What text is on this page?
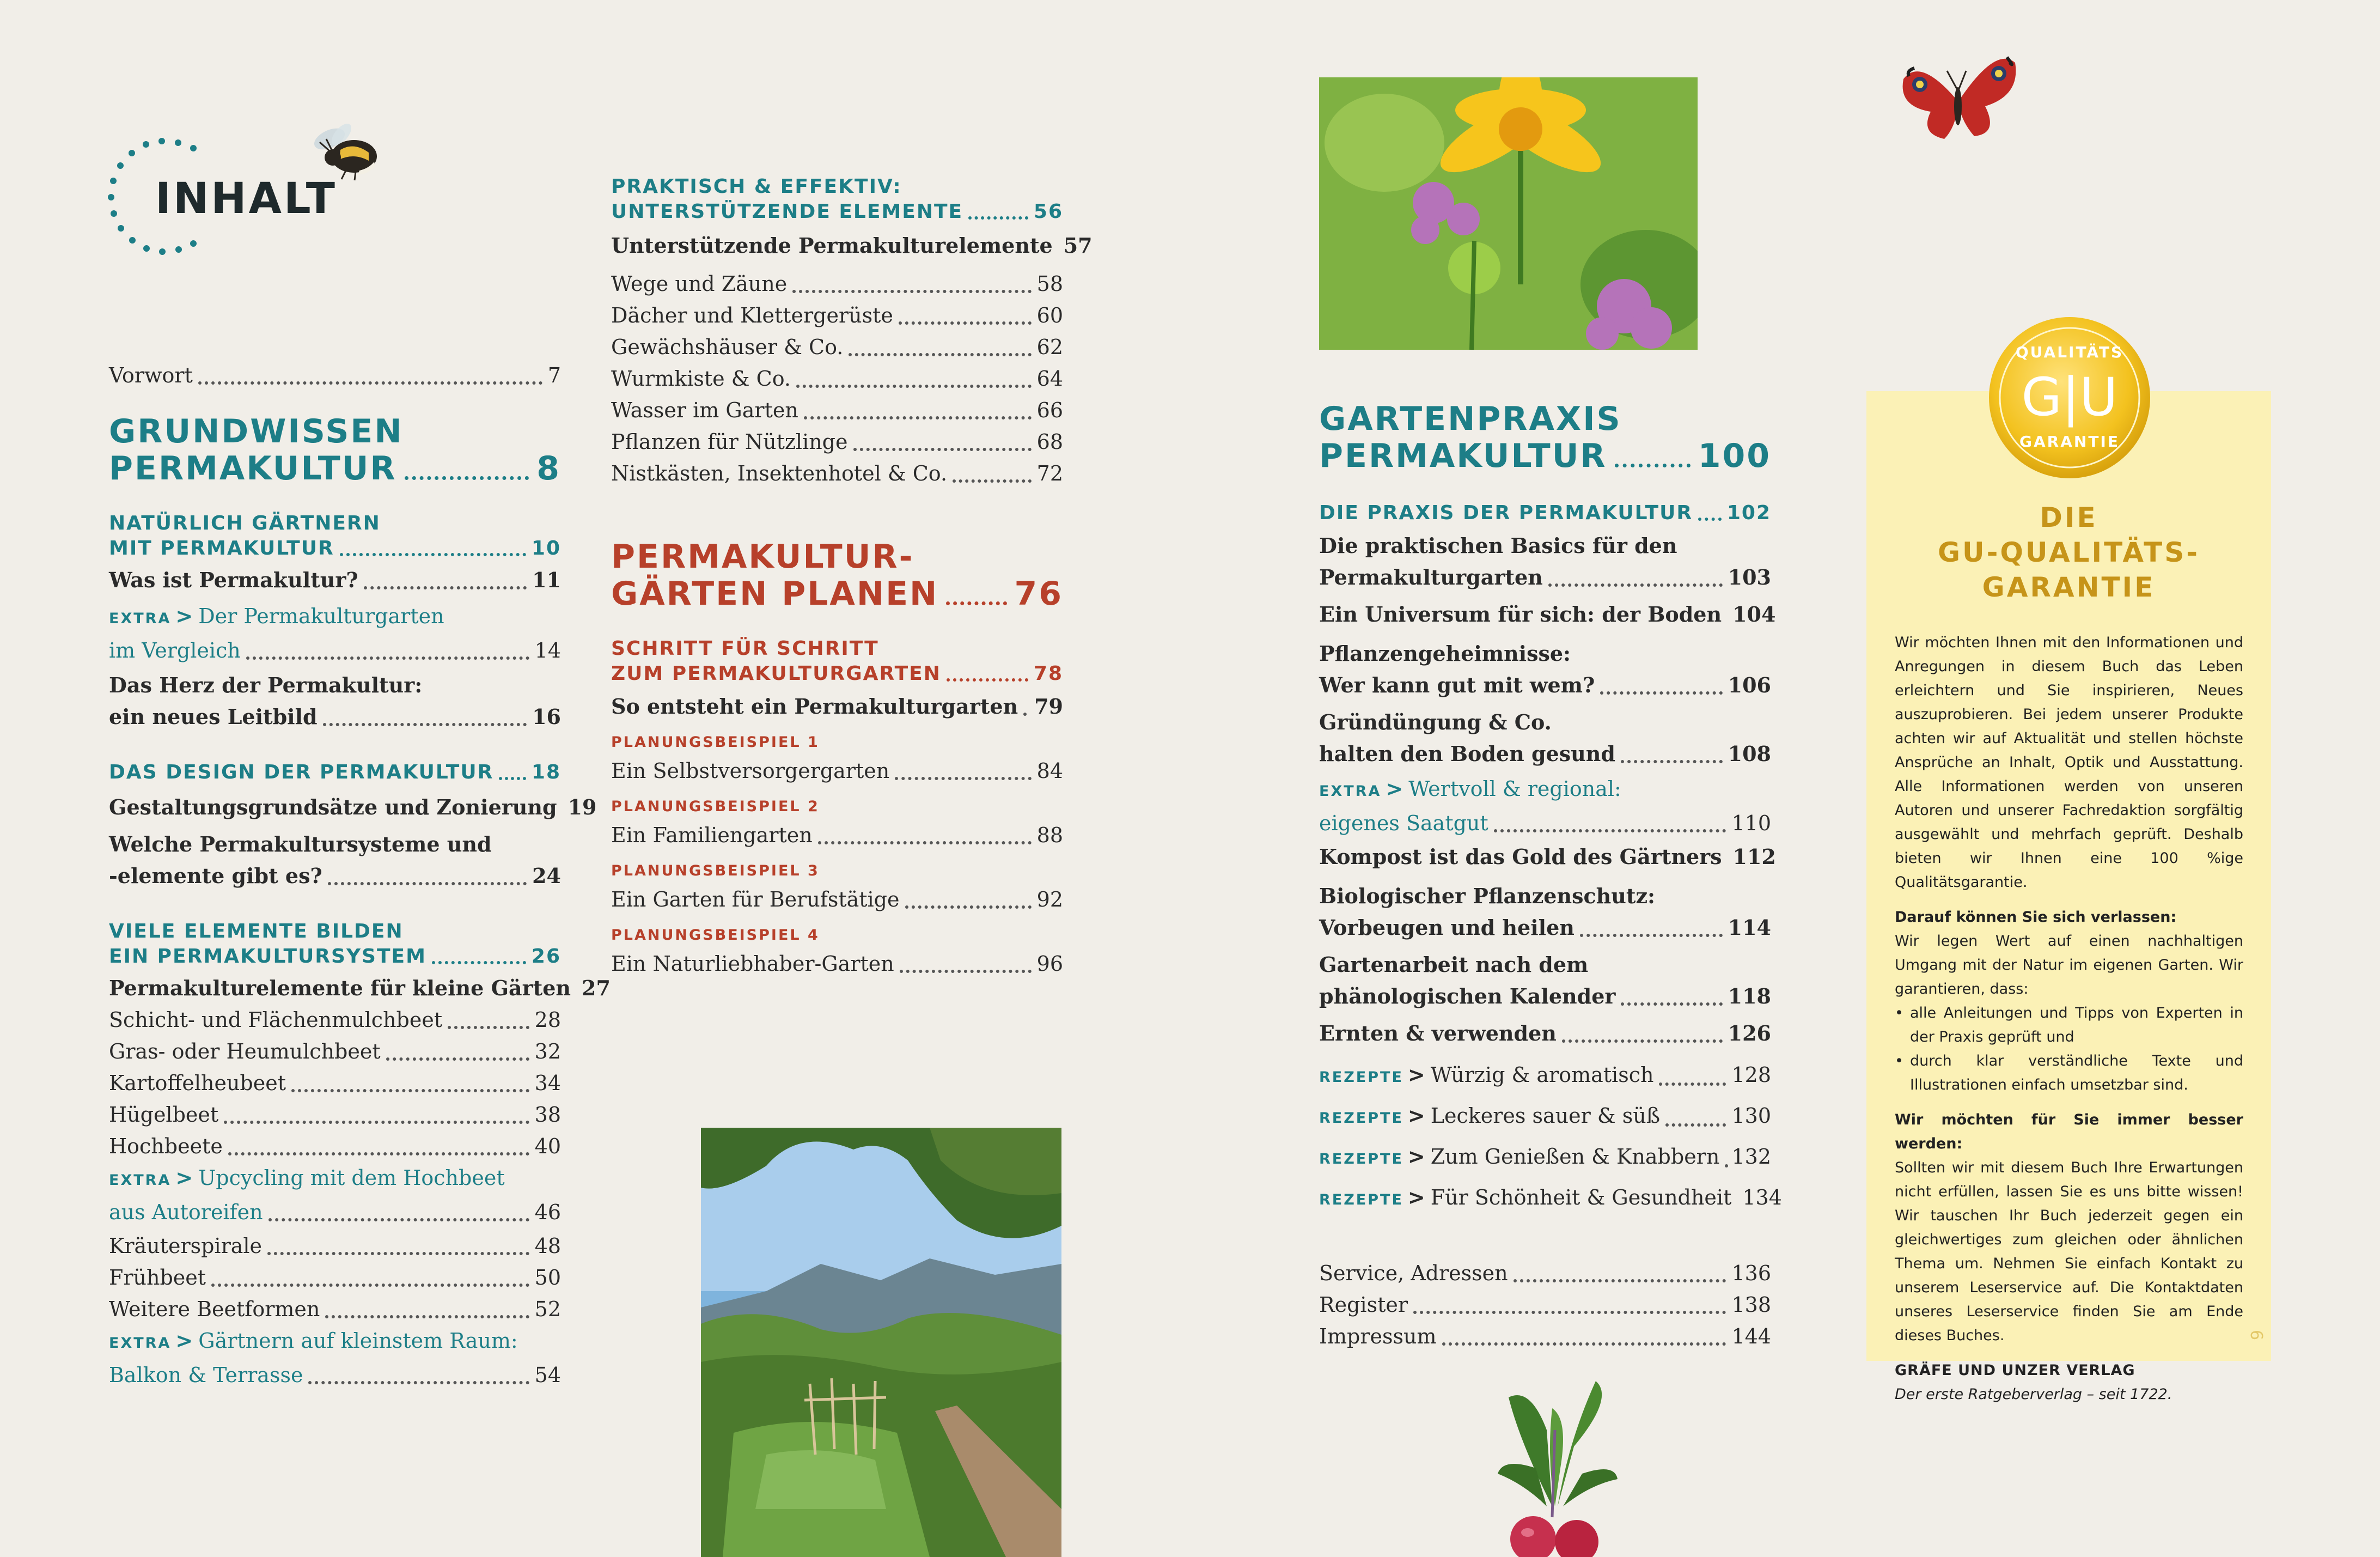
INHALT
Vorwort	7
GRUNDWISSEN
PERMAKULTUR	8
NATÜRLICH GÄRTNERN
MIT PERMAKULTUR	10
Was ist Permakultur?	11
EXTRA > Der Permakulturgarten
im Vergleich	14
Das Herz der Permakultur:
ein neues Leitbild	16
DAS DESIGN DER PERMAKULTUR 18
Gestaltungsgrundsätze und Zonierung 19
Welche Permakultursysteme und
-elemente gibt es?	24
VIELE ELEMENTE BILDEN
EIN PERMAKULTURSYSTEM	26
Permakulturelemente für kleine Gärten 27
Schicht- und Flächenmulchbeet	28
Gras- oder Heumulchbeet	32
Kartoffelheubeet	34
Hügelbeet	38
Hochbeete	40
EXTRA > Upcycling mit dem Hochbeet
aus Autoreifen	46
Kräuterspirale	48
Frühbeet	50
Weitere Beetformen	52
EXTRA > Gärtnern auf kleinstem Raum:
Balkon & Terrasse	54
PRAKTISCH & EFFEKTIV:
UNTERSTÜTZENDE ELEMENTE	56
Unterstützende Permakulturelemente 57
Wege und Zäune	58
Dächer und Klettergerüste	60
Gewächshäuser & Co.	62
Wurmkiste & Co.	64
Wasser im Garten	66
Pflanzen für Nützlinge	68
Nistkästen, Insektenhotel & Co.	72
PERMAKULTUR-
GÄRTEN PLANEN 76
SCHRITT FÜR SCHRITT
ZUM PERMAKULTURGARTEN	78
So entsteht ein Permakulturgarten 79
PLANUNGSBEISPIEL 1
Ein Selbstversorgergarten	84
PLANUNGSBEISPIEL 2
Ein Familiengarten	88
PLANUNGSBEISPIEL 3
Ein Garten für Berufstätige	92
PLANUNGSBEISPIEL 4
Ein Naturliebhaber-Garten	96
GARTENPRAXIS
PERMAKULTUR	100
DIE PRAXIS DER PERMAKULTUR 102
Die praktischen Basics für den
Permakulturgarten	103
Ein Universum für sich: der Boden 104
Pflanzengeheimnisse:
Wer kann gut mit wem?	106
Gründüngung & Co.
halten den Boden gesund	108
EXTRA > Wertvoll & regional:
eigenes Saatgut	110
Kompost ist das Gold des Gärtners 112
Biologischer Pflanzenschutz:
Vorbeugen und heilen	114
Gartenarbeit nach dem
phänologischen Kalender	118
Ernten & verwenden	126
REZEPTE > Würzig & aromatisch	128
REZEPTE > Leckeres sauer & süß	130
REZEPTE > Zum Genießen & Knabbern 132
REZEPTE > Für Schönheit & Gesundheit 134
Service, Adressen	136
Register	138
Impressum	144
DIE
GU-QUALITÄTS-
GARANTIE

Wir möchten Ihnen mit den Informationen und Anregungen in diesem Buch das Leben erleichtern und Sie inspirieren, Neues auszuprobieren. Bei jedem unserer Produkte achten wir auf Aktualität und stellen höchste Ansprüche an Inhalt, Optik und Ausstattung. Alle Informationen werden von unseren Autoren und unserer Fachredaktion sorgfältig ausgewählt und mehrfach geprüft. Deshalb bieten wir Ihnen eine 100 %ige Qualitätsgarantie.

Darauf können Sie sich verlassen:

Wir legen Wert auf einen nachhaltigen Umgang mit der Natur im eigenen Garten. Wir garantieren, dass:

• alle Anleitungen und Tipps von Experten in der Praxis geprüft und
• durch klar verständliche Texte und Illustrationen einfach umsetzbar sind.
Wir möchten für Sie immer besser werden:

Sollten wir mit diesem Buch Ihre Erwartungen nicht erfüllen, lassen Sie es uns bitte wissen! Wir tauschen Ihr Buch jederzeit gegen ein gleichwertiges zum gleichen oder ähnlichen Thema um. Nehmen Sie einfach Kontakt zu unserem Leserservice auf. Die Kontaktdaten unseres Leserservice finden Sie am Ende dieses Buches.

GRÄFE UND UNZER VERLAG
Der erste Ratgeberverlag – seit 1722.
6
QUALITÄTS
G|U
GARANTIE
